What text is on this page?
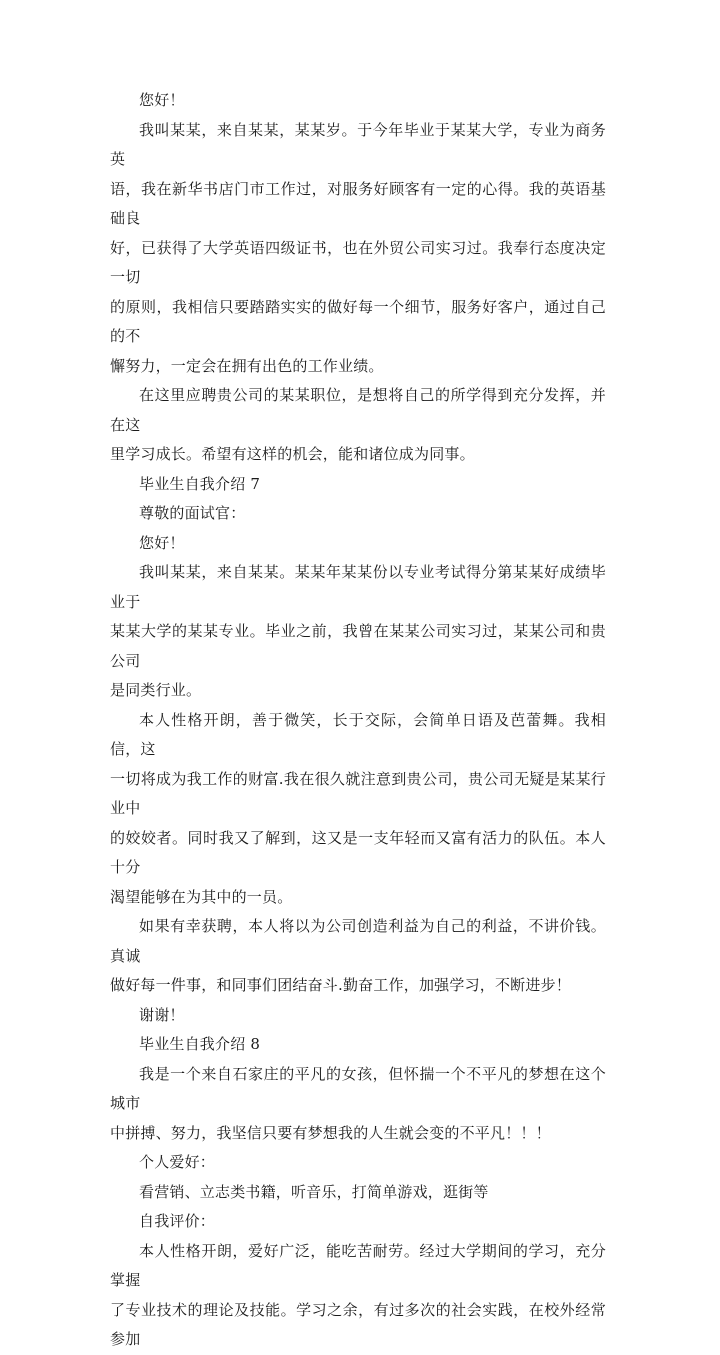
您好！

我叫某某，来自某某，某某岁。于今年毕业于某某大学，专业为商务英
语，我在新华书店门市工作过，对服务好顾客有一定的心得。我的英语基础良
好，已获得了大学英语四级证书，也在外贸公司实习过。我奉行态度决定一切
的原则，我相信只要踏踏实实的做好每一个细节，服务好客户，通过自己的不
懈努力，一定会在拥有出色的工作业绩。

在这里应聘贵公司的某某职位，是想将自己的所学得到充分发挥，并在这
里学习成长。希望有这样的机会，能和诸位成为同事。

毕业生自我介绍 7

尊敬的面试官：

您好！

我叫某某，来自某某。某某年某某份以专业考试得分第某某好成绩毕业于
某某大学的某某专业。毕业之前，我曾在某某公司实习过，某某公司和贵公司
是同类行业。

本人性格开朗，善于微笑，长于交际，会简单日语及芭蕾舞。我相信，这
一切将成为我工作的财富.我在很久就注意到贵公司，贵公司无疑是某某行业中
的姣姣者。同时我又了解到，这又是一支年轻而又富有活力的队伍。本人十分
渴望能够在为其中的一员。

如果有幸获聘，本人将以为公司创造利益为自己的利益，不讲价钱。真诚
做好每一件事，和同事们团结奋斗.勤奋工作，加强学习，不断进步！

谢谢！

毕业生自我介绍 8

我是一个来自石家庄的平凡的女孩，但怀揣一个不平凡的梦想在这个城市
中拼搏、努力，我坚信只要有梦想我的人生就会变的不平凡！！！

个人爱好：

看营销、立志类书籍，听音乐，打简单游戏，逛街等

自我评价：

本人性格开朗，爱好广泛，能吃苦耐劳。经过大学期间的学习，充分掌握
了专业技术的理论及技能。学习之余，有过多次的社会实践，在校外经常参加
